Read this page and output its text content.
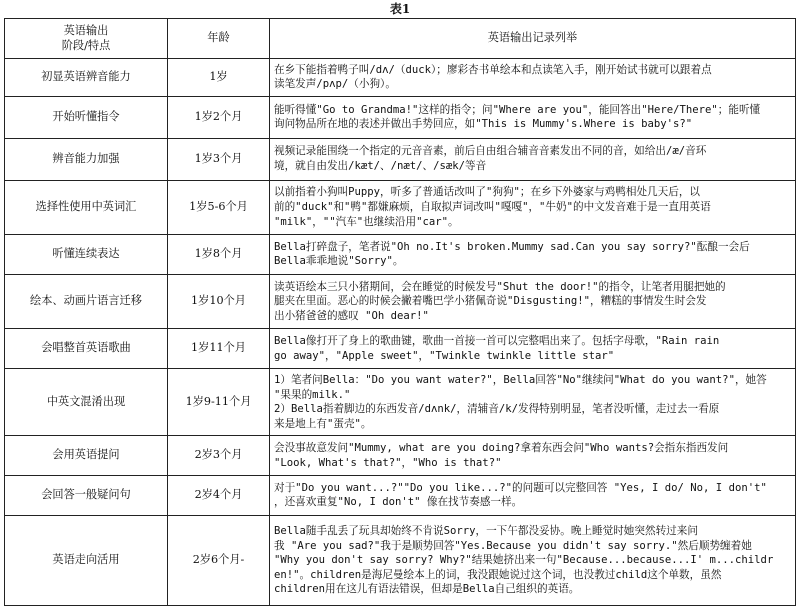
表1
英语输出
阶段/特点	年龄	英语输出记录列举
初显英语辨音能力	1岁	在乡下能指着鸭子叫/dʌ/（duck）；廖彩杏书单绘本和点读笔入手，刚开始试书就可以跟着点
读笔发声/pʌp/（小狗）。

开始听懂指令	1岁2个月	能听得懂"Go to Grandma!"这样的指令；问"Where are you"，能回答出"Here/There"；能听懂
询问物品所在地的表述并做出手势回应，如"This is Mummy's.Where is baby's?"

辨音能力加强	1岁3个月	视频记录能围绕一个指定的元音音素，前后自由组合辅音音素发出不同的音，如给出/æ/音环
境，就自由发出/kæt/、/næt/、/sæk/等音

选择性使用中英词汇	1岁5-6个月	以前指着小狗叫Puppy，听多了普通话改叫了"狗狗"；在乡下外婆家与鸡鸭相处几天后，以
前的"duck"和"鸭"都嫌麻烦，自取拟声词改叫"嘎嘎"，"牛奶"的中文发音难于是一直用英语
"milk"，""汽车"也继续沿用"car"。

听懂连续表达	1岁8个月	Bella打碎盘子，笔者说"Oh no.It's broken.Mummy sad.Can you say sorry?"酝酿一会后
Bella乖乖地说"Sorry"。

绘本、动画片语言迁移	1岁10个月	读英语绘本三只小猪期间，会在睡觉的时候发号"Shut the door!"的指令，让笔者用腿把她的
腿夹在里面。恶心的时候会撇着嘴巴学小猪佩奇说"Disgusting!"，糟糕的事情发生时会发
出小猪爸爸的感叹 "Oh dear!"

会唱整首英语歌曲	1岁11个月	Bella像打开了身上的歌曲键，歌曲一首接一首可以完整唱出来了。包括字母歌，"Rain rain
go away"，"Apple sweet"，"Twinkle twinkle little star"

中英文混淆出现	1岁9-11个月	1）笔者问Bella："Do you want water?"，Bella回答"No"继续问"What do you want?"，她答
"果果的milk."
2）Bella指着脚边的东西发音/dʌnk/，清辅音/k/发得特别明显，笔者没听懂，走过去一看原
来是地上有"蛋壳"。

会用英语提问	2岁3个月	会没事故意发问"Mummy, what are you doing?拿着东西会问"Who wants?会指东指西发问
"Look, What's that?"，"Who is that?"

会回答一般疑问句	2岁4个月	对于"Do you want...?""Do you like...?"的问题可以完整回答 "Yes, I do/ No, I don't"
，还喜欢重复"No, I don't" 像在找节奏感一样。

英语走向活用	2岁6个月-	Bella随手乱丢了玩具却始终不肯说Sorry，一下午都没妥协。晚上睡觉时她突然转过来问
我 "Are you sad?"我于是顺势回答"Yes.Because you didn't say sorry."然后顺势缠着她
"Why you don't say sorry? Why?"结果她挤出来一句"Because...because...I' m...childr
en!"。children是海尼曼绘本上的词，我没跟她说过这个词，也没教过child这个单数，虽然
children用在这儿有语法错误，但却是Bella自己组织的英语。
